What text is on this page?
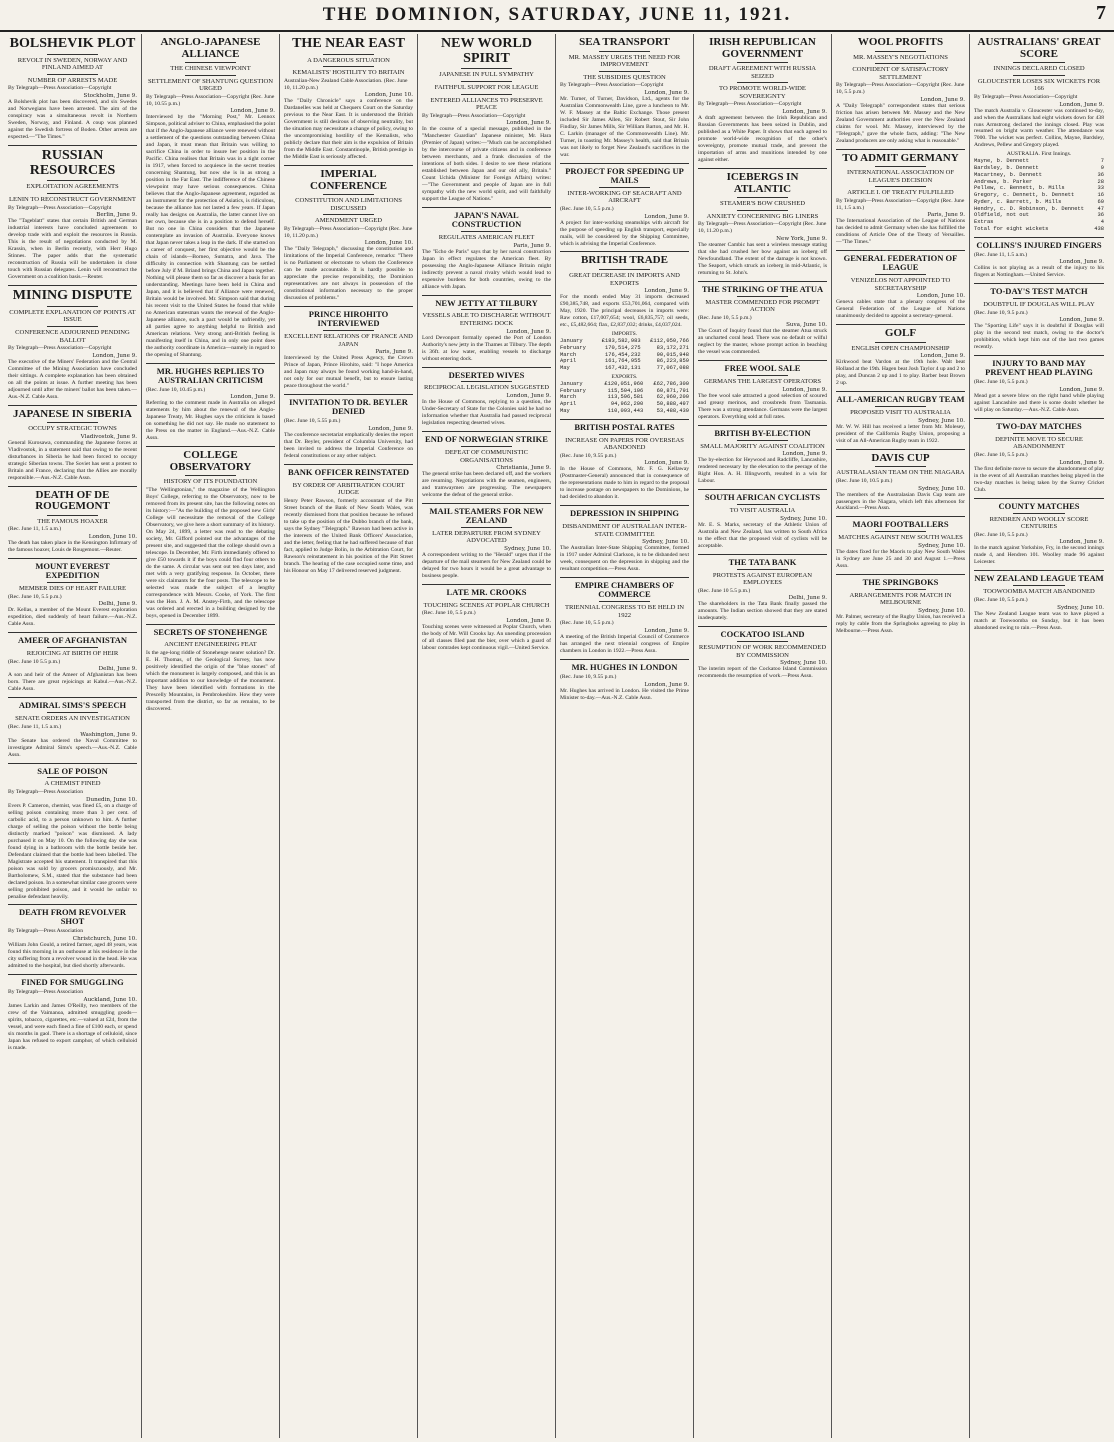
THE DOMINION, SATURDAY, JUNE 11, 1921.	7
BOLSHEVIK PLOT
REVOLT IN SWEDEN, NORWAY AND FINLAND AIMED AT
NUMBER OF ARRESTS MADE
By Telegraph—Press Association—Copyright
Stockholm, June 9.
A Bolshevik plot has been discovered, and six Swedes and Norwegians have been arrested. The aim of the conspiracy was a simultaneous revolt in Northern Sweden, Norway, and Finland. A coup was planned against the Swedish fortress of Boden. Other arrests are expected.—"The Times."
RUSSIAN RESOURCES
EXPLOITATION AGREEMENTS
LENIN TO RECONSTRUCT GOVERNMENT
By Telegraph—Press Association—Copyright
Berlin, June 9.
The "Tageblatt" states that certain British and German industrial interests have concluded agreements to develop trade with and exploit the resources in Russia. This is the result of negotiations conducted by M. Krassin, when in Berlin recently, with Herr Hugo Stinnes. The paper adds that the systematic reconstruction of Russia will be undertaken in close touch with Russian delegates. Lenin will reconstruct the Government on a coalition basis.—Reuter.
MINING DISPUTE
COMPLETE EXPLANATION OF POINTS AT ISSUE
CONFERENCE ADJOURNED PENDING BALLOT
By Telegraph—Press Association—Copyright
London, June 9.
The executive of the Miners' Federation and the Central Committee of the Mining Association have concluded their sittings. A complete explanation has been obtained on all the points at issue. A further meeting has been adjourned until after the miners' ballot has been taken.—Aus.-N.Z. Cable Assn.
JAPANESE IN SIBERIA
OCCUPY STRATEGIC TOWNS
Vladivostok, June 9.
General Kurosawa, commanding the Japanese forces at Vladivostok, in a statement said that owing to the recent disturbances in Siberia he had been forced to occupy strategic Siberian towns. The Soviet has sent a protest to Britain and France, declaring that the Allies are morally responsible.—Aus.-N.Z. Cable Assn.
DEATH OF DE ROUGEMONT
THE FAMOUS HOAXER
(Rec. June 11, 1.5 a.m.)
London, June 10.
The death has taken place in the Kensington Infirmary of the famous hoaxer, Louis de Rougemont.—Reuter.
MOUNT EVEREST EXPEDITION
MEMBER DIES OF HEART FAILURE
(Rec. June 10, 5.5 p.m.)
Delhi, June 9.
Dr. Kellas, a member of the Mount Everest exploration expedition, died suddenly of heart failure.—Aus.-N.Z. Cable Assn.
AMEER OF AFGHANISTAN
REJOICING AT BIRTH OF HEIR
(Rec. June 10 5.5 p.m.)
Delhi, June 9.
A son and heir of the Ameer of Afghanistan has been born. There are great rejoicings at Kabul.—Aus.-N.Z. Cable Assn.
ADMIRAL SIMS'S SPEECH
SENATE ORDERS AN INVESTIGATION
(Rec. June 11, 1.5 a.m.)
Washington, June 9.
The Senate has ordered the Naval Committee to investigate Admiral Sims's speech.—Aus.-N.Z. Cable Assn.
SALE OF POISON
A CHEMIST FINED
By Telegraph—Press Association
Dunedin, June 10.
Evers P. Cameron, chemist, was fined £5, on a charge of selling poison containing more than 3 per cent. of carbolic acid, to a person unknown to him. A further charge of selling the poison without the bottle being distinctly marked "poison" was dismissed. A lady purchased it on May 10. On the following day she was found dying in a bathroom with the bottle beside her. Defendant claimed that the bottle had been labelled. The Magistrate accepted his statement. It transpired that this poison was sold by grocers promiscuously, and Mr. Bartholomew, S.M., stated that the substance had been declared poison. In a somewhat similar case grocers were selling prohibited poison, and it would be unfair to penalise defendant heavily.
DEATH FROM REVOLVER SHOT
By Telegraph—Press Association
Christchurch, June 10.
William John Gould, a retired farmer, aged 48 years, was found this morning in an outhouse at his residence in the city suffering from a revolver wound in the head. He was admitted to the hospital, but died shortly afterwards.
FINED FOR SMUGGLING
By Telegraph—Press Association
Auckland, June 10.
James Larkin and James O'Reilly, two members of the crew of the Vaimanoa, admitted smuggling goods—spirits, tobacco, cigarettes, etc.—valued at £24, from the vessel, and were each fined a fine of £100 each, or spend six months in gaol. There is a shortage of celluloid, since Japan has refused to export camphor, of which celluloid is made.
ANGLO-JAPANESE ALLIANCE
THE CHINESE VIEWPOINT
SETTLEMENT OF SHANTUNG QUESTION URGED
By Telegraph—Press Association—Copyright (Rec. June 10, 10.55 p.m.)
London, June 9.
Interviewed by the "Morning Post," Mr. Lennox Simpson, political adviser to China, emphasised the point that if the Anglo-Japanese alliance were renewed without a settlement of the questions outstanding between China and Japan, it must mean that Britain was willing to sacrifice China in order to insure her position in the Pacific. China realises that Britain was in a tight corner in 1917, when forced to acquiesce in the secret treaties concerning Shantung, but now she is in as strong a position in the Far East. The indifference of the Chinese viewpoint may have serious consequences. China believes that the Anglo-Japanese agreement, regarded as an instrument for the protection of Asiatics, is ridiculous, because the alliance has not lasted a few years. If Japan really has designs on Australia, the latter cannot live on her own, because she is in a position to defend herself. But no one in China considers that the Japanese contemplate an invasion of Australia. Everyone knows that Japan never takes a leap in the dark. If she started on a career of conquest, her first objective would be the chain of islands—Borneo, Sumatra, and Java. The difficulty in connection with Shantung can be settled before July if M. Briand brings China and Japan together. Nothing will please them so far as discover a basis for an understanding. Meetings have been held in China and Japan, and it is believed that if Alliance were renewed, Britain would be involved. Mr. Simpson said that during his recent visit to the United States he found that while no American statesman wants the renewal of the Anglo-Japanese alliance, such a pact would be unfriendly, yet all parties agree to anything helpful to British and American relations. Very strong anti-British feeling is manifesting itself in China, and in only one point does the authority coordinate in America—namely in regard to the opening of Shantung.
MR. HUGHES REPLIES TO AUSTRALIAN CRITICISM
(Rec. June 10, 10.45 p.m.)
London, June 9.
Referring to the comment made in Australia on alleged statements by him about the renewal of the Anglo-Japanese Treaty, Mr. Hughes says the criticism is based on something he did not say. He made no statement to the Press on the matter in England.—Aus.-N.Z. Cable Assn.
COLLEGE OBSERVATORY
HISTORY OF ITS FOUNDATION
"The Wellingtonian," the magazine of the Wellington Boys' College, referring to the Observatory, now to be removed from its present site, has the following notes on its history:—"As the building of the proposed new Girls' College will necessitate the removal of the College Observatory, we give here a short summary of its history. On May 24, 1899, a letter was read to the debating society, Mr. Gifford pointed out the advantages of the present site, and suggested that the college should own a telescope. In December, Mr. Firth immediately offered to give £50 towards it if the boys could find four others to do the same. A circular was sent out ten days later, and met with a very gratifying response. In October, there were six claimants for the four posts. The telescope to be selected was made the subject of a lengthy correspondence with Messrs. Cooke, of York. The first was the Hon. J. A. M. Anstey-Firth, and the telescope was ordered and erected in a building designed by the boys, opened in December 1899.
SECRETS OF STONEHENGE
ANCIENT ENGINEERING FEAT
Is the age-long riddle of Stonehenge nearer solution? Dr. E. H. Thomas, of the Geological Survey, has now positively identified the origin of the "blue stones" of which the monument is largely composed, and this is an important addition to our knowledge of the monument. They have been identified with formations in the Prescelly Mountains, in Pembrokeshire. How they were transported from the district, so far as remains, to be discovered.
THE NEAR EAST
A DANGEROUS SITUATION
KEMALISTS' HOSTILITY TO BRITAIN
Australian-New Zealand Cable Association. (Rec. June 10, 11.20 p.m.)
London, June 10.
The "Daily Chronicle" says a conference on the Dardanelles was held at Chequers Court on the Saturday previous to the Near East. It is understood the British Government is still desirous of observing neutrality, but the situation may necessitate a change of policy, owing to the uncompromising hostility of the Kemalists, who publicly declare that their aim is the expulsion of Britain from the Middle East. Constantinople, British prestige in the Middle East is seriously affected.
IMPERIAL CONFERENCE
CONSTITUTION AND LIMITATIONS DISCUSSED
AMENDMENT URGED
By Telegraph—Press Association—Copyright (Rec. June 10, 11.20 p.m.)
London, June 10.
The "Daily Telegraph," discussing the constitution and limitations of the Imperial Conference, remarks: "There is no Parliament or electorate to whom the Conference can be made accountable. It is hardly possible to appreciate the precise responsibility, the Dominion representatives are not always in possession of the constitutional information necessary to the proper discussion of problems."
PRINCE HIROHITO INTERVIEWED
EXCELLENT RELATIONS OF FRANCE AND JAPAN
Paris, June 9.
Interviewed by the United Press Agency, the Crown Prince of Japan, Prince Hirohito, said: "I hope America and Japan may always be found working hand-in-hand, not only for our mutual benefit, but to ensure lasting peace throughout the world."
INVITATION TO DR. BEYLER DENIED
(Rec. June 10, 5.55 p.m.)
London, June 9.
The conference secretariat emphatically denies the report that Dr. Beyler, president of Columbia University, had been invited to address the Imperial Conference on federal constitutions or any other subject.
BANK OFFICER REINSTATED
BY ORDER OF ARBITRATION COURT JUDGE
Henry Peter Rawson, formerly accountant of the Pitt Street branch of the Bank of New South Wales, was recently dismissed from that position because he refused to take up the position of the Dubbo branch of the bank, says the Sydney "Telegraph." Rawson had been active in the interests of the United Bank Officers' Association, and the letter, feeling that he had suffered because of that fact, applied to Judge Bolin, in the Arbitration Court, for Rawson's reinstatement in his position of the Pitt Street branch. The hearing of the case occupied some time, and his Honour on May 17 delivered reserved judgment.
NEW WORLD SPIRIT
JAPANESE IN FULL SYMPATHY
FAITHFUL SUPPORT FOR LEAGUE
ENTERED ALLIANCES TO PRESERVE PEACE
By Telegraph—Press Association—Copyright
London, June 9.
In the course of a special message, published in the "Manchester Guardian" Japanese minister, Mr. Hara (Premier of Japan) writes:—"Much can be accomplished by the intercourse of private citizens and in conference between merchants, and a frank discussion of the intentions of both sides. I desire to see these relations established between Japan and our old ally, Britain." Count Uchida (Minister for Foreign Affairs) writes:—"The Government and people of Japan are in full sympathy with the new world spirit, and will faithfully support the League of Nations."
JAPAN'S NAVAL CONSTRUCTION
REGULATES AMERICAN FLEET
Paris, June 9.
The "Echo de Paris" says that by her naval construction Japan in effect regulates the American fleet. By possessing the Anglo-Japanese Alliance Britain might indirectly prevent a naval rivalry which would lead to expensive burdens for both countries, owing to the alliance with Japan.
NEW JETTY AT TILBURY
VESSELS ABLE TO DISCHARGE WITHOUT ENTERING DOCK
London, June 9.
Lord Devonport formally opened the Port of London Authority's new jetty in the Thames at Tilbury. The depth is 36ft. at low water, enabling vessels to discharge without entering dock.
DESERTED WIVES
RECIPROCAL LEGISLATION SUGGESTED
London, June 9.
In the House of Commons, replying to a question, the Under-Secretary of State for the Colonies said he had no information whether that Australia had passed reciprocal legislation respecting deserted wives.
END OF NORWEGIAN STRIKE
DEFEAT OF COMMUNISTIC ORGANISATIONS
Christiania, June 9.
The general strike has been declared off, and the workers are resuming. Negotiations with the seamen, engineers, and tramwaymen are progressing. The newspapers welcome the defeat of the general strike.
MAIL STEAMERS FOR NEW ZEALAND
LATER DEPARTURE FROM SYDNEY ADVOCATED
Sydney, June 10.
A correspondent writing to the "Herald" urges that if the departure of the mail steamers for New Zealand could be delayed for two hours it would be a great advantage to business people.
LATE MR. CROOKS
TOUCHING SCENES AT POPLAR CHURCH
(Rec. June 10, 5.5 p.m.)
London, June 9.
Touching scenes were witnessed at Poplar Church, when the body of Mr. Will Crooks lay. An unending procession of all classes filed past the bier, over which a guard of labour comrades kept continuous vigil.—United Service.
SEA TRANSPORT
MR. MASSEY URGES THE NEED FOR IMPROVEMENT
THE SUBSIDIES QUESTION
By Telegraph—Press Association—Copyright
London, June 9.
Mr. Turner, of Turner, Davidson, Ltd., agents for the Australian Commonwealth Line, gave a luncheon to Mr. W. F. Massey at the Baltic Exchange. Those present included Sir James Allen, Sir Robert Stout, Sir John Findlay, Sir James Mills, Sir William Barton, and Mr. H. C. Larkin (manager of the Commonwealth Line). Mr. Turner, in toasting Mr. Massey's health, said that Britain was not likely to forget New Zealand's sacrifices in the war.
PROJECT FOR SPEEDING UP MAILS
INTER-WORKING OF SEACRAFT AND AIRCRAFT
(Rec. June 10, 5.5 p.m.)
London, June 9.
A project for inter-working steamships with aircraft for the purpose of speeding up English transport, especially mails, will be considered by the Shipping Committee, which is advising the Imperial Conference.
BRITISH TRADE
GREAT DECREASE IN IMPORTS AND EXPORTS
London, June 9.
For the month ended May 31 imports decreased £90,385,748, and exports £53,701,064, compared with May, 1920. The principal decreases in imports were: Raw cotton, £17,007,654; wool, £6,835,757; oil seeds, etc., £5,482,664; flax, £2,837,032; drinks, £4,037,024.
IMPORTS.
January	£183,582,983	£112,050,766
February	170,514,275	83,172,271
March	176,454,232	90,015,948
April	161,764,955	86,223,859
May	167,432,131	77,067,088
EXPORTS.
January	£120,051,960	£62,786,300
February	115,504,106	60,871,791
March	113,596,581	62,960,200
April	94,962,200	50,888,497
May	110,093,443	53,488,439
BRITISH POSTAL RATES
INCREASE ON PAPERS FOR OVERSEAS ABANDONED
(Rec. June 10, 9.55 p.m.)
London, June 9.
In the House of Commons, Mr. F. G. Kellaway (Postmaster-General) announced that in consequence of the representations made to him in regard to the proposal to increase postage on newspapers to the Dominions, he had decided to abandon it.
DEPRESSION IN SHIPPING
DISBANDMENT OF AUSTRALIAN INTER-STATE COMMITTEE
Sydney, June 10.
The Australian Inter-State Shipping Committee, formed in 1917 under Admiral Clarkson, is to be disbanded next week, consequent on the depression in shipping and the resultant competition.—Press Assn.
EMPIRE CHAMBERS OF COMMERCE
TRIENNIAL CONGRESS TO BE HELD IN 1922
(Rec. June 10, 5.5 p.m.)
London, June 9.
A meeting of the British Imperial Council of Commerce has arranged the next triennial congress of Empire chambers in London in 1922.—Press Assn.
MR. HUGHES IN LONDON
(Rec. June 10, 9.55 p.m.)
London, June 9.
Mr. Hughes has arrived in London. He visited the Prime Minister to-day.—Aus.-N.Z. Cable Assn.
IRISH REPUBLICAN GOVERNMENT
DRAFT AGREEMENT WITH RUSSIA SEIZED
TO PROMOTE WORLD-WIDE SOVEREIGNTY
By Telegraph—Press Association—Copyright
London, June 9.
A draft agreement between the Irish Republican and Russian Governments has been seized in Dublin, and published as a White Paper. It shows that each agreed to promote world-wide recognition of the other's sovereignty, promote mutual trade, and prevent the importation of arms and munitions intended by one against either.
ICEBERGS IN ATLANTIC
STEAMER'S BOW CRUSHED
ANXIETY CONCERNING BIG LINERS
By Telegraph—Press Association—Copyright (Rec. June 10, 11.20 p.m.)
New York, June 9.
The steamer Cambic has sent a wireless message stating that she had crushed her bow against an iceberg off Newfoundland. The extent of the damage is not known. The Seaport, which struck an iceberg in mid-Atlantic, is returning to St. John's.
THE STRIKING OF THE ATUA
MASTER COMMENDED FOR PROMPT ACTION
(Rec. June 10, 5.5 p.m.)
Suva, June 10.
The Court of Inquiry found that the steamer Atua struck an uncharted coral head. There was no default or wilful neglect by the master, whose prompt action in beaching the vessel was commended.
FREE WOOL SALE
GERMANS THE LARGEST OPERATORS
London, June 9.
The free wool sale attracted a good selection of scoured and greasy merinos, and crossbreds from Tasmania. There was a strong attendance. Germans were the largest operators. Everything sold at full rates.
BRITISH BY-ELECTION
SMALL MAJORITY AGAINST COALITION
London, June 9.
The by-election for Heywood and Radcliffe, Lancashire, rendered necessary by the elevation to the peerage of the Right Hon. A. H. Illingworth, resulted in a win for Labour.
SOUTH AFRICAN CYCLISTS
TO VISIT AUSTRALIA
Sydney, June 10.
Mr. E. S. Marks, secretary of the Athletic Union of Australia and New Zealand, has written to South Africa to the effect that the proposed visit of cyclists will be acceptable.
THE TATA BANK
PROTESTS AGAINST EUROPEAN EMPLOYEES
(Rec. June 10 5.5 p.m.)
Delhi, June 9.
The shareholders in the Tata Bank finally passed the amounts. The Indian section showed that they are stated inadequately.
COCKATOO ISLAND
RESUMPTION OF WORK RECOMMENDED BY COMMISSION
Sydney, June 10.
The interim report of the Cockatoo Island Commission recommends the resumption of work.—Press Assn.
WOOL PROFITS
MR. MASSEY'S NEGOTIATIONS
CONFIDENT OF SATISFACTORY SETTLEMENT
By Telegraph—Press Association—Copyright (Rec. June 10, 5.5 p.m.)
London, June 9.
A "Daily Telegraph" correspondent states that serious friction has arisen between Mr. Massey and the New Zealand Government authorities over the New Zealand claims for wool. Mr. Massey, interviewed by the "Telegraph," gave the whole facts, adding: "The New Zealand producers are only asking what is reasonable."
TO ADMIT GERMANY
INTERNATIONAL ASSOCIATION OF LEAGUE'S DECISION
ARTICLE I. OF TREATY FULFILLED
By Telegraph—Press Association—Copyright (Rec. June 11, 1.5 a.m.)
Paris, June 9.
The International Association of the League of Nations has decided to admit Germany when she has fulfilled the conditions of Article One of the Treaty of Versailles.—"The Times."
GENERAL FEDERATION OF LEAGUE
VENIZELOS NOT APPOINTED TO SECRETARYSHIP
London, June 10.
Geneva cables state that a plenary congress of the General Federation of the League of Nations unanimously decided to appoint a secretary-general.
GOLF
ENGLISH OPEN CHAMPIONSHIP
London, June 9.
Kirkwood beat Vardon at the 19th hole. Walt beat Holland at the 19th. Hagen beat Josh Taylor 4 up and 2 to play, and Duncan 2 up and 1 to play. Barber beat Brown 2 up.
ALL-AMERICAN RUGBY TEAM
PROPOSED VISIT TO AUSTRALIA
Sydney, June 10.
Mr. W. W. Hill has received a letter from Mr. Molesey, president of the California Rugby Union, proposing a visit of an All-American Rugby team in 1922.
DAVIS CUP
AUSTRALASIAN TEAM ON THE NIAGARA
(Rec. June 10, 10.5 p.m.)
Sydney, June 10.
The members of the Australasian Davis Cup team are passengers in the Niagara, which left this afternoon for Auckland.—Press Assn.
MAORI FOOTBALLERS
MATCHES AGAINST NEW SOUTH WALES
Sydney, June 10.
The dates fixed for the Maoris to play New South Wales in Sydney are June 25 and 30 and August 1.—Press Assn.
THE SPRINGBOKS
ARRANGEMENTS FOR MATCH IN MELBOURNE
Sydney, June 10.
Mr. Palmer, secretary of the Rugby Union, has received a reply by cable from the Springboks agreeing to play in Melbourne.—Press Assn.
AUSTRALIANS' GREAT SCORE
INNINGS DECLARED CLOSED
GLOUCESTER LOSES SIX WICKETS FOR 166
By Telegraph—Press Association—Copyright
London, June 9.
The match Australia v. Gloucester was continued to-day, and when the Australians had eight wickets down for 438 runs Armstrong declared the innings closed. Play was resumed on bright warm weather. The attendance was 7000. The wicket was perfect. Collins, Mayne, Bardsley, Andrews, Pellew and Gregory played.
AUSTRALIA. First Innings.
Mayne, b. Dennett		7
Bardsley, b. Dennett		9
Macartney, b. Dennett		36
Andrews, b. Parker		28
Pellew, c. Bennett, b. Mills		33
Gregory, c. Dennett, b. Dennett		16
Ryder, c. Barrett, b. Mills		60
Hendry, c. D. Robinson, b. Dennett		47
Oldfield, not out		36
Extras		4
Total for eight wickets		438
COLLINS'S INJURED FINGERS
(Rec. June 11, 1.5 a.m.)
London, June 9.
Collins is not playing as a result of the injury to his fingers at Nottingham.—United Service.
TO-DAY'S TEST MATCH
DOUBTFUL IF DOUGLAS WILL PLAY
(Rec. June 10, 9.5 p.m.)
London, June 9.
The "Sporting Life" says it is doubtful if Douglas will play in the second test match, owing to the doctor's prohibition, which kept him out of the last two games recently.
INJURY TO BAND MAY PREVENT HEAD PLAYING
(Rec. June 10, 5.5 p.m.)
London, June 9.
Mead got a severe blow on the right hand while playing against Lancashire and there is some doubt whether he will play on Saturday.—Aus.-N.Z. Cable Assn.
TWO-DAY MATCHES
DEFINITE MOVE TO SECURE ABANDONMENT
(Rec. June 10, 5.5 p.m.)
London, June 9.
The first definite move to secure the abandonment of play in the event of all Australian matches being played in the two-day matches is being taken by the Surrey Cricket Club.
COUNTY MATCHES
RENDREN AND WOOLLY SCORE CENTURIES
(Rec. June 10, 5.5 p.m.)
London, June 9.
In the match against Yorkshire, Fry, in the second innings made 4, and Hendren 101. Woolley made 96 against Leicester.
NEW ZEALAND LEAGUE TEAM
TOOWOOMBA MATCH ABANDONED
(Rec. June 10, 5.5 p.m.)
Sydney, June 10.
The New Zealand League team was to have played a match at Toowoomba on Sunday, but it has been abandoned owing to rain.—Press Assn.
